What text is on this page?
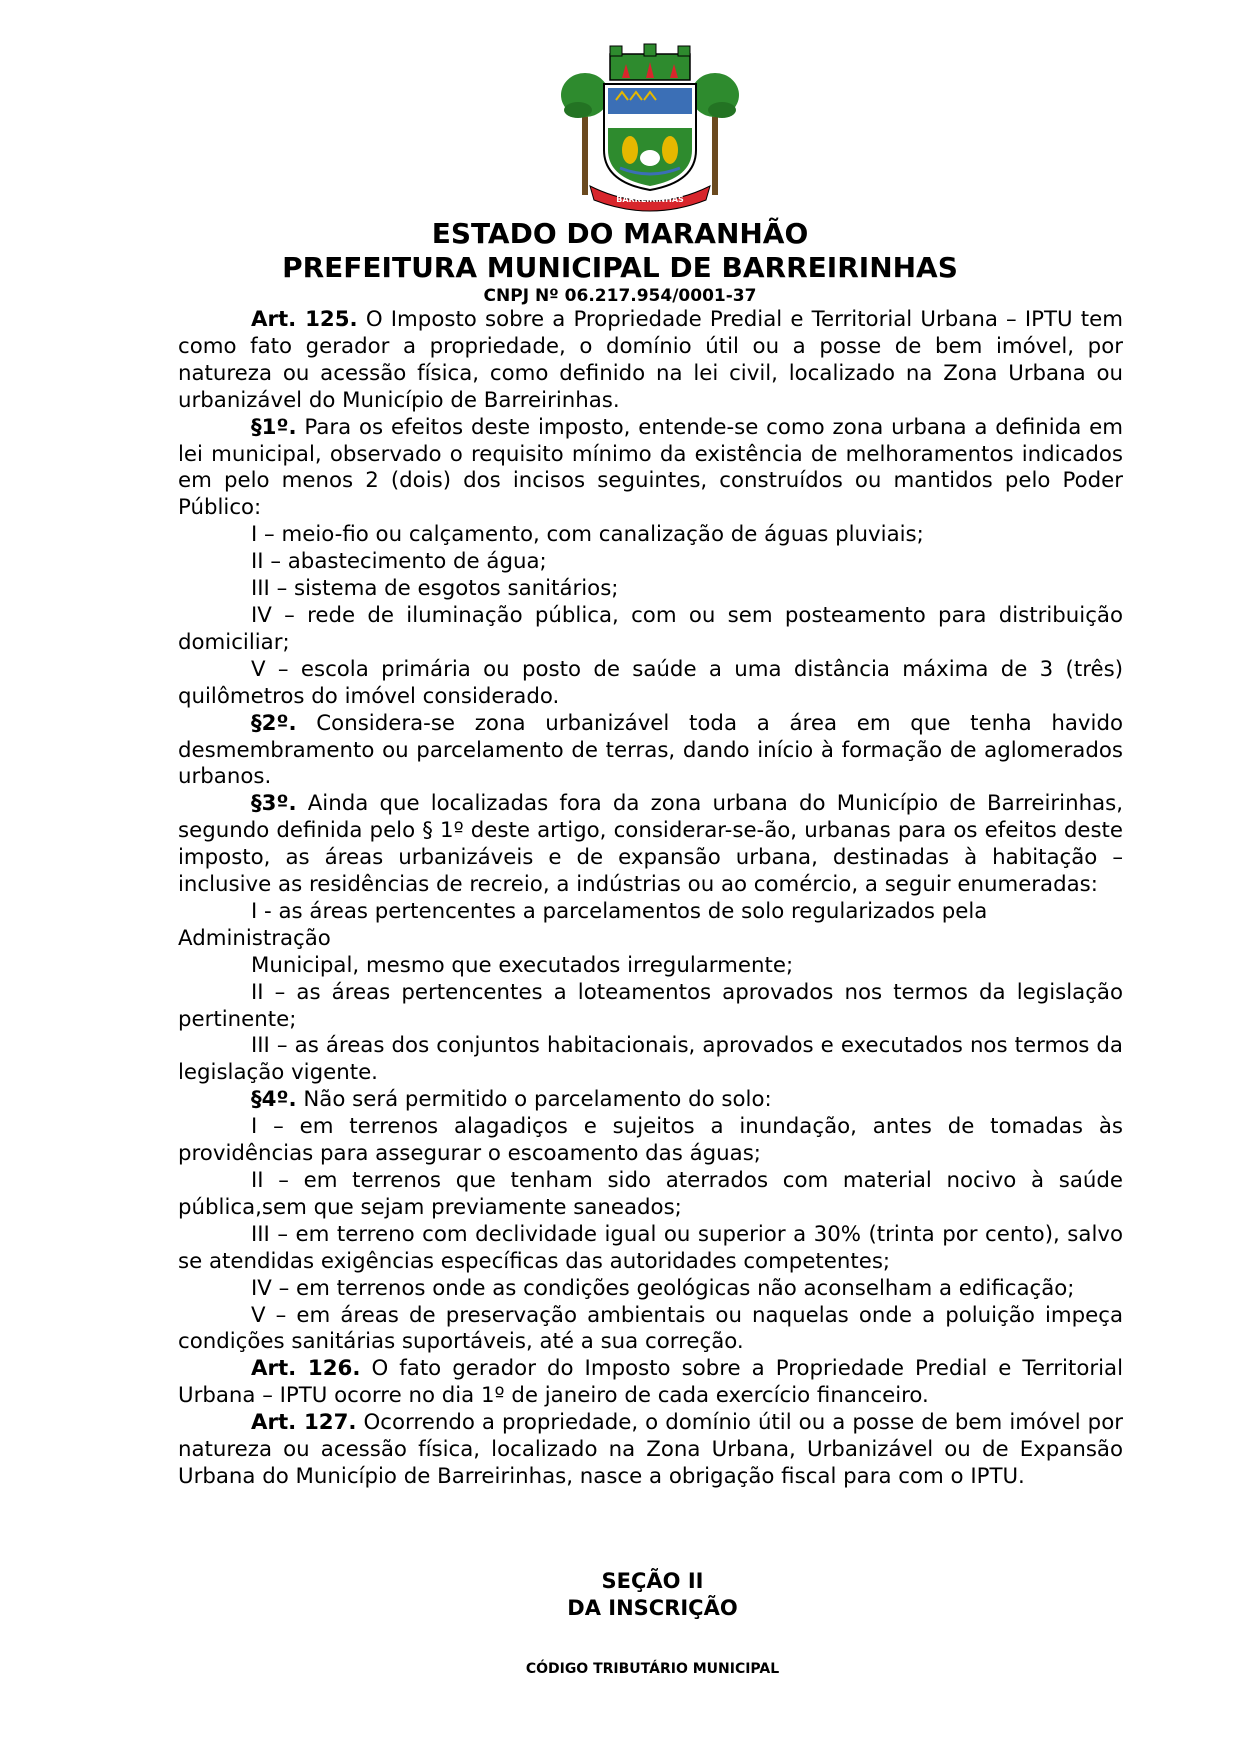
BARREIRINHAS
ESTADO DO MARANHÃO
PREFEITURA MUNICIPAL DE BARREIRINHAS
CNPJ Nº 06.217.954/0001-37

Art. 125. O Imposto sobre a Propriedade Predial e Territorial Urbana – IPTU tem como fato gerador a propriedade, o domínio útil ou a posse de bem imóvel, por natureza ou acessão física, como definido na lei civil, localizado na Zona Urbana ou urbanizável do Município de Barreirinhas.

§1º. Para os efeitos deste imposto, entende-se como zona urbana a definida em lei municipal, observado o requisito mínimo da existência de melhoramentos indicados em pelo menos 2 (dois) dos incisos seguintes, construídos ou mantidos pelo Poder Público:

I – meio-fio ou calçamento, com canalização de águas pluviais;

II – abastecimento de água;

III – sistema de esgotos sanitários;

IV – rede de iluminação pública, com ou sem posteamento para distribuição domiciliar;

V – escola primária ou posto de saúde a uma distância máxima de 3 (três) quilômetros do imóvel considerado.

§2º. Considera-se zona urbanizável toda a área em que tenha havido desmembramento ou parcelamento de terras, dando início à formação de aglomerados urbanos.

§3º. Ainda que localizadas fora da zona urbana do Município de Barreirinhas, segundo definida pelo § 1º deste artigo, considerar-se-ão, urbanas para os efeitos deste imposto, as áreas urbanizáveis e de expansão urbana, destinadas à habitação – inclusive as residências de recreio, a indústrias ou ao comércio, a seguir enumeradas:

I - as áreas pertencentes a parcelamentos de solo regularizados pela

Administração

Municipal, mesmo que executados irregularmente;

II – as áreas pertencentes a loteamentos aprovados nos termos da legislação pertinente;

III – as áreas dos conjuntos habitacionais, aprovados e executados nos termos da legislação vigente.

§4º. Não será permitido o parcelamento do solo:

I – em terrenos alagadiços e sujeitos a inundação, antes de tomadas às providências para assegurar o escoamento das águas;

II – em terrenos que tenham sido aterrados com material nocivo à saúde pública,sem que sejam previamente saneados;

III – em terreno com declividade igual ou superior a 30% (trinta por cento), salvo se atendidas exigências específicas das autoridades competentes;

IV – em terrenos onde as condições geológicas não aconselham a edificação;

V – em áreas de preservação ambientais ou naquelas onde a poluição impeça condições sanitárias suportáveis, até a sua correção.

Art. 126. O fato gerador do Imposto sobre a Propriedade Predial e Territorial Urbana – IPTU ocorre no dia 1º de janeiro de cada exercício financeiro.

Art. 127. Ocorrendo a propriedade, o domínio útil ou a posse de bem imóvel por natureza ou acessão física, localizado na Zona Urbana, Urbanizável ou de Expansão Urbana do Município de Barreirinhas, nasce a obrigação fiscal para com o IPTU.

SEÇÃO II
DA INSCRIÇÃO
CÓDIGO TRIBUTÁRIO MUNICIPAL
